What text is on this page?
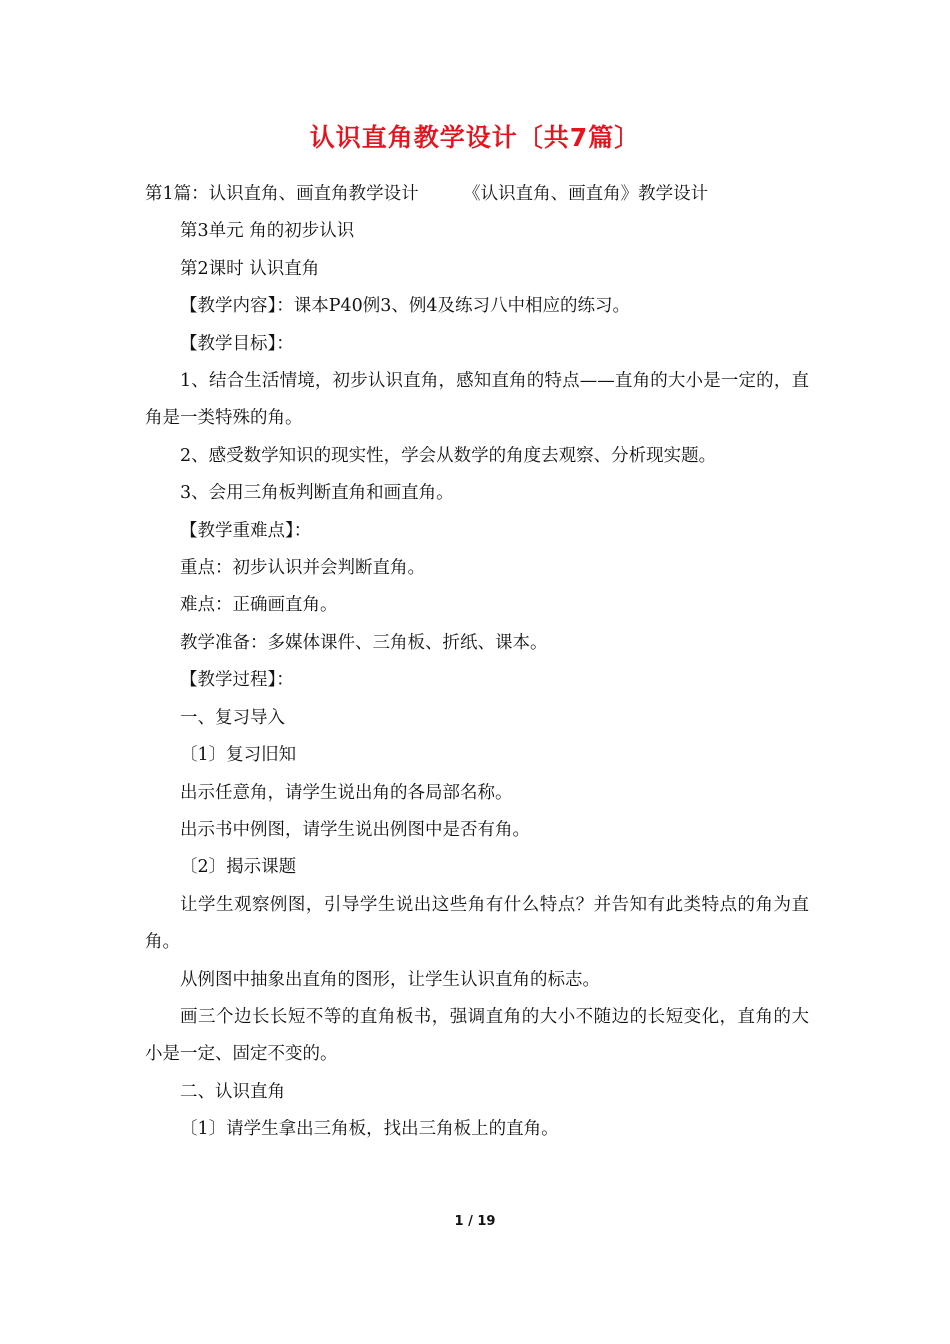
认识直角教学设计〔共7篇〕

第1篇：认识直角、画直角教学设计	《认识直角、画直角》教学设计

第3单元 角的初步认识

第2课时 认识直角

【教学内容】：课本P40例3、例4及练习八中相应的练习。

【教学目标】：

1、结合生活情境，初步认识直角，感知直角的特点——直角的大小是一定的，直角是一类特殊的角。

2、感受数学知识的现实性，学会从数学的角度去观察、分析现实题。

3、会用三角板判断直角和画直角。

【教学重难点】：

重点：初步认识并会判断直角。

难点：正确画直角。

教学准备：多媒体课件、三角板、折纸、课本。

【教学过程】：

一、复习导入

〔1〕复习旧知

出示任意角，请学生说出角的各局部名称。

出示书中例图，请学生说出例图中是否有角。

〔2〕揭示课题

让学生观察例图，引导学生说出这些角有什么特点？并告知有此类特点的角为直角。

从例图中抽象出直角的图形，让学生认识直角的标志。

画三个边长长短不等的直角板书，强调直角的大小不随边的长短变化，直角的大小是一定、固定不变的。

二、认识直角

〔1〕请学生拿出三角板，找出三角板上的直角。

1 / 19
